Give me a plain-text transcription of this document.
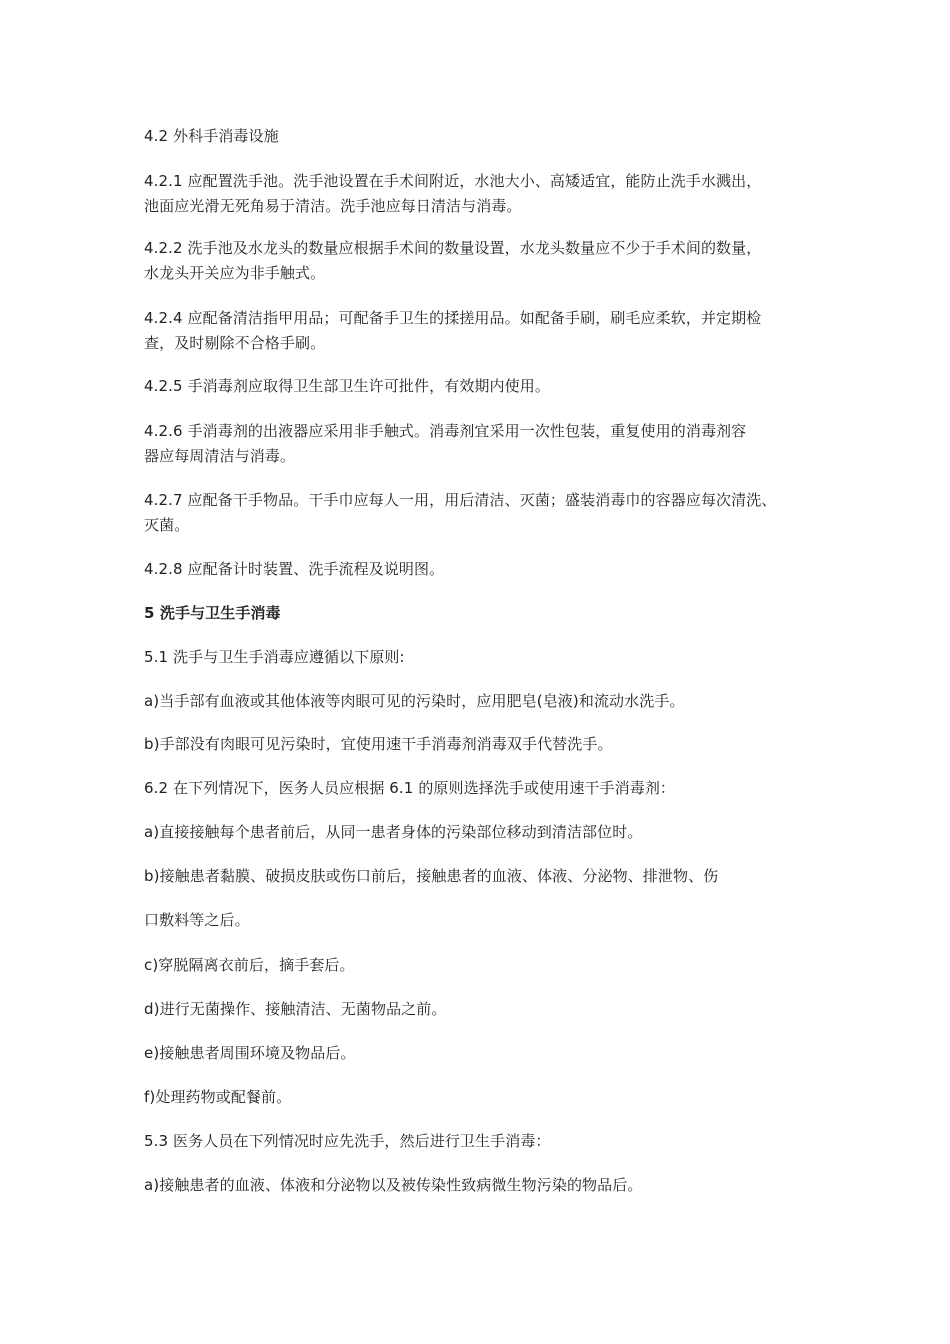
4.2 外科手消毒设施

4.2.1 应配置洗手池。洗手池设置在手术间附近，水池大小、高矮适宜，能防止洗手水溅出，
池面应光滑无死角易于清洁。洗手池应每日清洁与消毒。

4.2.2 洗手池及水龙头的数量应根据手术间的数量设置，水龙头数量应不少于手术间的数量，
水龙头开关应为非手触式。

4.2.4 应配备清洁指甲用品；可配备手卫生的揉搓用品。如配备手刷，刷毛应柔软，并定期检
查，及时剔除不合格手刷。

4.2.5 手消毒剂应取得卫生部卫生许可批件，有效期内使用。

4.2.6 手消毒剂的出液器应采用非手触式。消毒剂宜采用一次性包装，重复使用的消毒剂容
器应每周清洁与消毒。

4.2.7 应配备干手物品。干手巾应每人一用，用后清洁、灭菌；盛装消毒巾的容器应每次清洗、
灭菌。

4.2.8 应配备计时装置、洗手流程及说明图。

5 洗手与卫生手消毒

5.1 洗手与卫生手消毒应遵循以下原则:

a)当手部有血液或其他体液等肉眼可见的污染时，应用肥皂(皂液)和流动水洗手。

b)手部没有肉眼可见污染时，宜使用速干手消毒剂消毒双手代替洗手。

6.2 在下列情况下，医务人员应根据 6.1 的原则选择洗手或使用速干手消毒剂：

a)直接接触每个患者前后，从同一患者身体的污染部位移动到清洁部位时。

b)接触患者黏膜、破损皮肤或伤口前后，接触患者的血液、体液、分泌物、排泄物、伤

口敷料等之后。

c)穿脱隔离衣前后，摘手套后。

d)进行无菌操作、接触清洁、无菌物品之前。

e)接触患者周围环境及物品后。

f)处理药物或配餐前。

5.3 医务人员在下列情况时应先洗手，然后进行卫生手消毒：

a)接触患者的血液、体液和分泌物以及被传染性致病微生物污染的物品后。
